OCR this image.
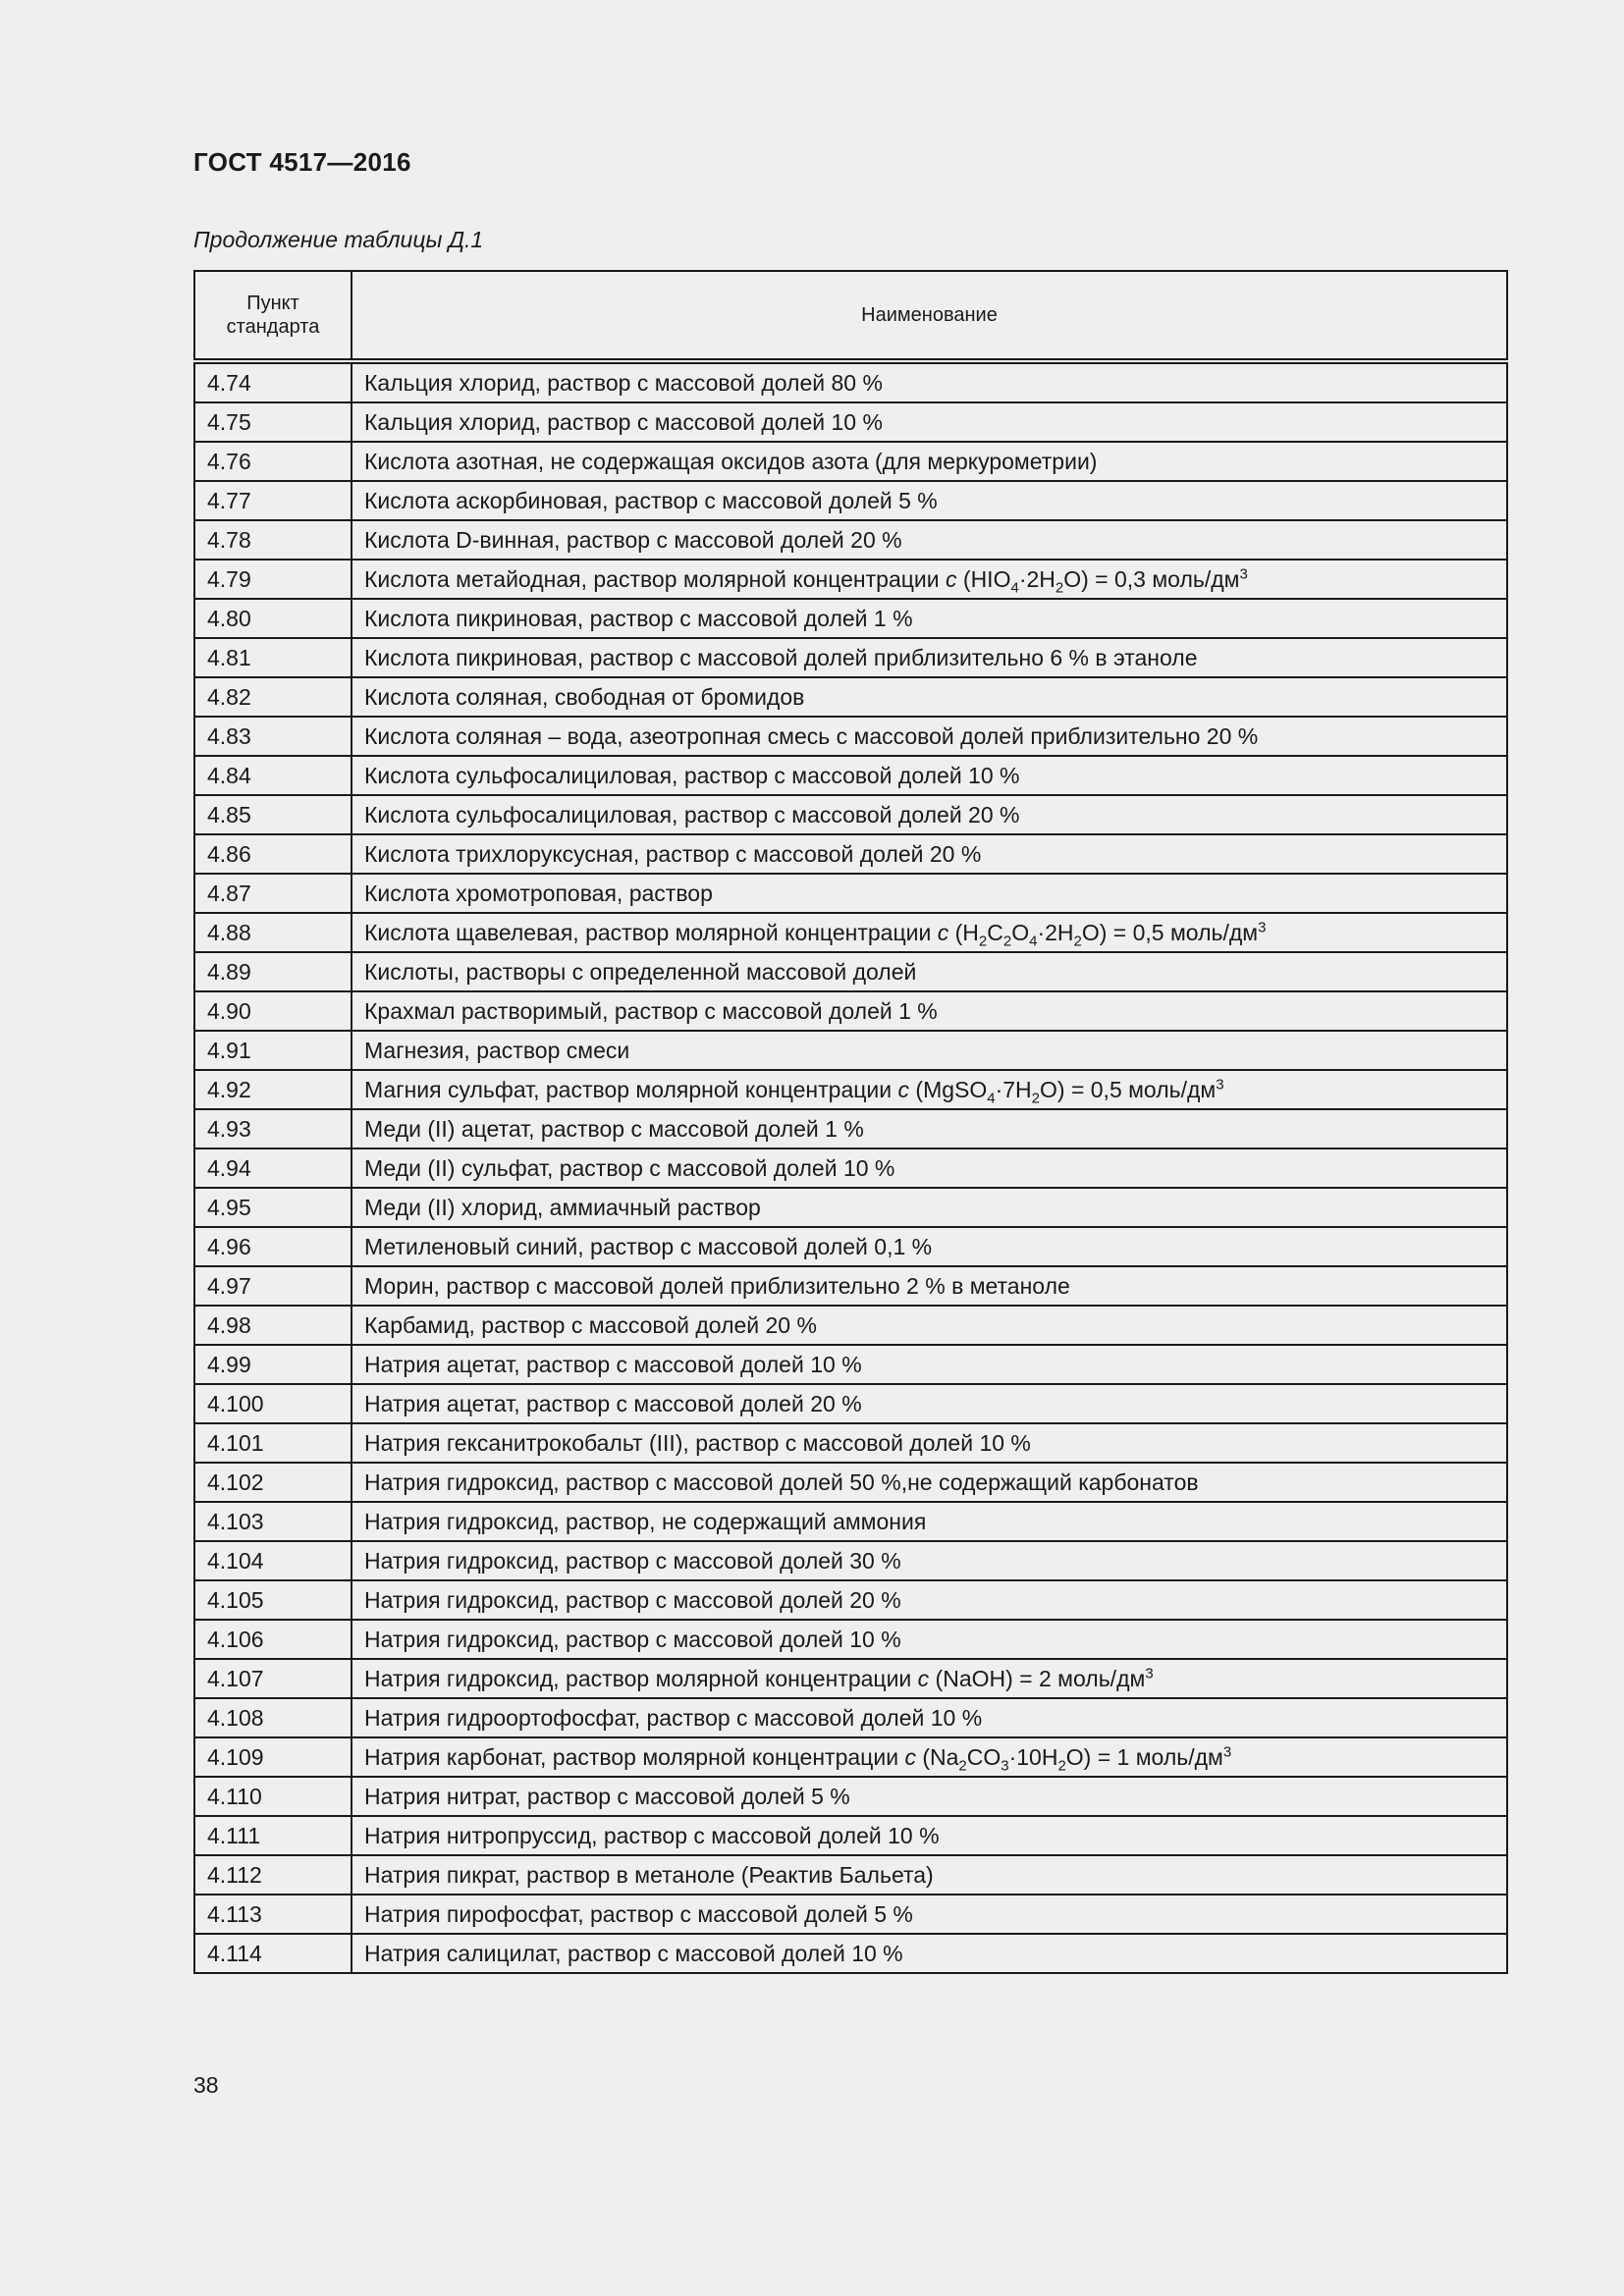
ГОСТ 4517—2016
Продолжение таблицы Д.1
Пункт
стандарта	Наименование
4.74	Кальция хлорид, раствор с массовой долей 80 %
4.75	Кальция хлорид, раствор с массовой долей 10 %
4.76	Кислота азотная, не содержащая оксидов азота (для меркурометрии)
4.77	Кислота аскорбиновая, раствор с массовой долей 5 %
4.78	Кислота D-винная, раствор с массовой долей 20 %
4.79	Кислота метайодная, раствор молярной концентрации c $(HIO_4\cdot 2H_2O) = 0,3$ моль/$дм^3$
4.80	Кислота пикриновая, раствор с массовой долей 1 %
4.81	Кислота пикриновая, раствор с массовой долей приблизительно 6 % в этаноле
4.82	Кислота соляная, свободная от бромидов
4.83	Кислота соляная – вода, азеотропная смесь с массовой долей приблизительно 20 %
4.84	Кислота сульфосалициловая, раствор с массовой долей 10 %
4.85	Кислота сульфосалициловая, раствор с массовой долей 20 %
4.86	Кислота трихлоруксусная, раствор с массовой долей 20 %
4.87	Кислота хромотроповая, раствор
4.88	Кислота щавелевая, раствор молярной концентрации c $(H_2C_2O_4\cdot 2H_2O) = 0,5$ моль/$дм^3$
4.89	Кислоты, растворы с определенной массовой долей
4.90	Крахмал растворимый, раствор с массовой долей 1 %
4.91	Магнезия, раствор смеси
4.92	Магния сульфат, раствор молярной концентрации c $(MgSO_4\cdot 7H_2O) = 0,5$ моль/$дм^3$
4.93	Меди (II) ацетат, раствор с массовой долей 1 %
4.94	Меди (II) сульфат, раствор с массовой долей 10 %
4.95	Меди (II) хлорид, аммиачный раствор
4.96	Метиленовый синий, раствор с массовой долей 0,1 %
4.97	Морин, раствор с массовой долей приблизительно 2 % в метаноле
4.98	Карбамид, раствор с массовой долей 20 %
4.99	Натрия ацетат, раствор с массовой долей 10 %
4.100	Натрия ацетат, раствор с массовой долей 20 %
4.101	Натрия гексанитрокобальт (III), раствор с массовой долей 10 %
4.102	Натрия гидроксид, раствор с массовой долей 50 %,не содержащий карбонатов
4.103	Натрия гидроксид, раствор, не содержащий аммония
4.104	Натрия гидроксид, раствор с массовой долей 30 %
4.105	Натрия гидроксид, раствор с массовой долей 20 %
4.106	Натрия гидроксид, раствор с массовой долей 10 %
4.107	Натрия гидроксид, раствор молярной концентрации c (NaOH) = 2 моль/$дм^3$
4.108	Натрия гидроортофосфат, раствор с массовой долей 10 %
4.109	Натрия карбонат, раствор молярной концентрации c $(Na_2CO_3\cdot 10H_2O) = 1$ моль/$дм^3$
4.110	Натрия нитрат, раствор с массовой долей 5 %
4.111	Натрия нитропруссид, раствор с массовой долей 10 %
4.112	Натрия пикрат, раствор в метаноле (Реактив Бальета)
4.113	Натрия пирофосфат, раствор с массовой долей 5 %
4.114	Натрия салицилат, раствор с массовой долей 10 %
38
